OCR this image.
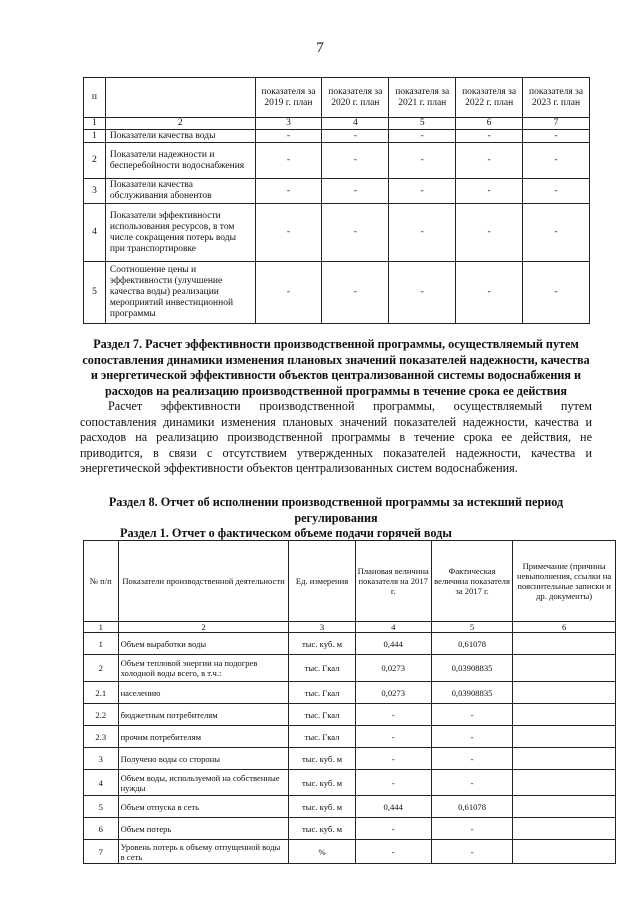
7
п		показателя за 2019 г. план	показателя за 2020 г. план	показателя за 2021 г. план	показателя за 2022 г. план	показателя за 2023 г. план
1	2	3	4	5	6	7
1	Показатели качества воды	-	-	-	-	-
2	Показатели надежности и бесперебойности водоснабжения	-	-	-	-	-
3	Показатели качества обслуживания абонентов	-	-	-	-	-
4	Показатели эффективности использования ресурсов, в том числе сокращения потерь воды при транспортировке	-	-	-	-	-
5	Соотношение цены и эффективности (улучшение качества воды) реализации мероприятий инвестиционной программы	-	-	-	-	-

Раздел 7. Расчет эффективности производственной программы, осуществляемый путем сопоставления динамики изменения плановых значений показателей надежности, качества и энергетической эффективности объектов централизованной системы водоснабжения и расходов на реализацию производственной программы в течение срока ее действия

Расчет эффективности производственной программы, осуществляемый путем сопоставления динамики изменения плановых значений показателей надежности, качества и расходов на реализацию производственной программы в течение срока ее действия, не приводится, в связи с отсутствием утвержденных показателей надежности, качества и энергетической эффективности объектов централизованных систем водоснабжения.

Раздел 8. Отчет об исполнении производственной программы за истекший период регулирования

Раздел 1. Отчет о фактическом объеме подачи горячей воды

№ п/п	Показатели производственной деятельности	Ед. измерения	Плановая величина показателя на 2017 г.	Фактическая величина показателя за 2017 г.	Примечание (причины невыполнения, ссылки на пояснительные записки и др. документы)
1	2	3	4	5	6
1	Объем выработки воды	тыс. куб. м	0,444	0,61078	
2	Объем тепловой энергии на подогрев холодной воды всего, в т.ч.:	тыс. Гкал	0,0273	0,03908835	
2.1	населению	тыс. Гкал	0,0273	0,03908835	
2.2	бюджетным потребителям	тыс. Гкал	-	-	
2.3	прочим потребителям	тыс. Гкал	-	-	
3	Получено воды со стороны	тыс. куб. м	-	-	
4	Объем воды, используемой на собственные нужды	тыс. куб. м	-	-	
5	Объем отпуска в сеть	тыс. куб. м	0,444	0,61078	
6	Объем потерь	тыс. куб. м	-	-	
7	Уровень потерь к объему отпущенной воды в сеть	%	-	-	
